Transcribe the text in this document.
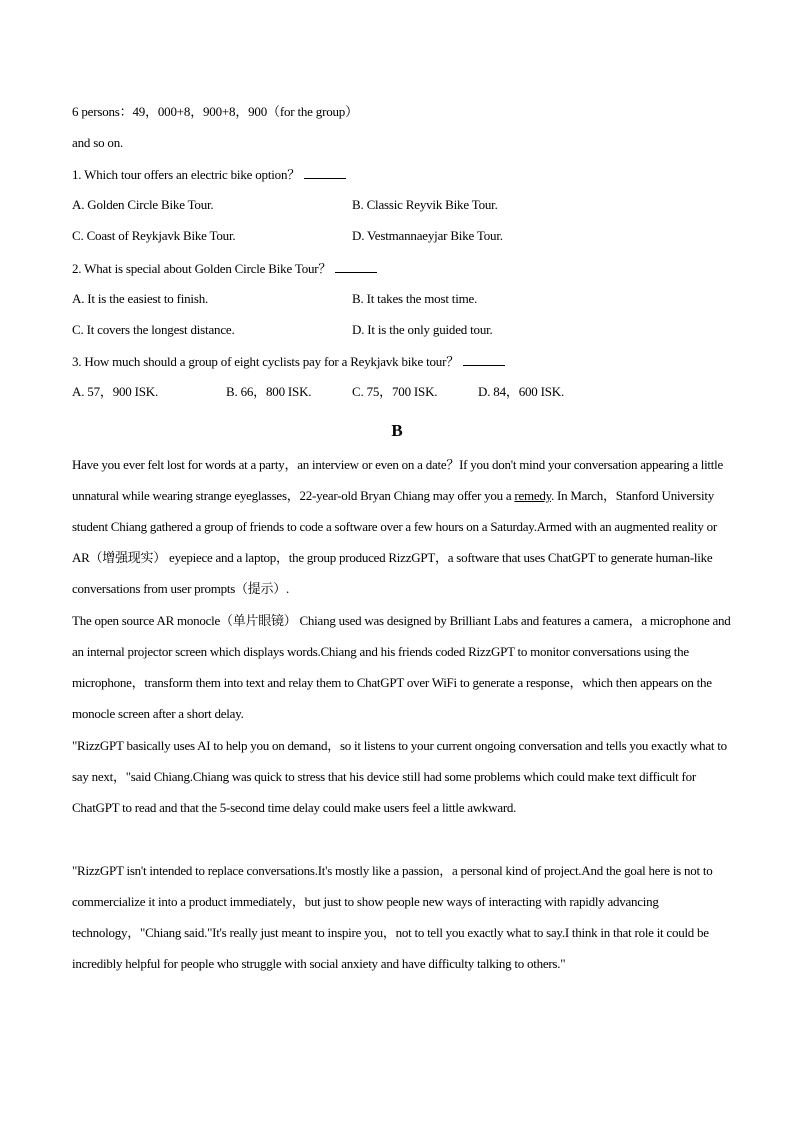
6 persons：49，000+8，900+8，900（for the group）
and so on.
1. Which tour offers an electric bike option？
A. Golden Circle Bike Tour.	B. Classic Reyvik Bike Tour.
C. Coast of Reykjavk Bike Tour.	D. Vestmannaeyjar Bike Tour.
2. What is special about Golden Circle Bike Tour？
A. It is the easiest to finish.	B. It takes the most time.
C. It covers the longest distance.	D. It is the only guided tour.
3. How much should a group of eight cyclists pay for a Reykjavk bike tour？
A. 57，900 ISK.	B. 66，800 ISK.	C. 75，700 ISK.	D. 84，600 ISK.
B
Have you ever felt lost for words at a party，an interview or even on a date？If you don't mind your conversation appearing a little unnatural while wearing strange eyeglasses，22-year-old Bryan Chiang may offer you a remedy. In March，Stanford University student Chiang gathered a group of friends to code a software over a few hours on a Saturday.Armed with an augmented reality or AR（增强现实） eyepiece and a laptop，the group produced RizzGPT，a software that uses ChatGPT to generate human-like conversations from user prompts（提示）.
The open source AR monocle（单片眼镜） Chiang used was designed by Brilliant Labs and features a camera，a microphone and an internal projector screen which displays words.Chiang and his friends coded RizzGPT to monitor conversations using the microphone，transform them into text and relay them to ChatGPT over WiFi to generate a response，which then appears on the monocle screen after a short delay.
"RizzGPT basically uses AI to help you on demand，so it listens to your current ongoing conversation and tells you exactly what to say next，"said Chiang.Chiang was quick to stress that his device still had some problems which could make text difficult for ChatGPT to read and that the 5-second time delay could make users feel a little awkward.
"RizzGPT isn't intended to replace conversations.It's mostly like a passion，a personal kind of project.And the goal here is not to commercialize it into a product immediately，but just to show people new ways of interacting with rapidly advancing technology，"Chiang said."It's really just meant to inspire you，not to tell you exactly what to say.I think in that role it could be incredibly helpful for people who struggle with social anxiety and have difficulty talking to others."
